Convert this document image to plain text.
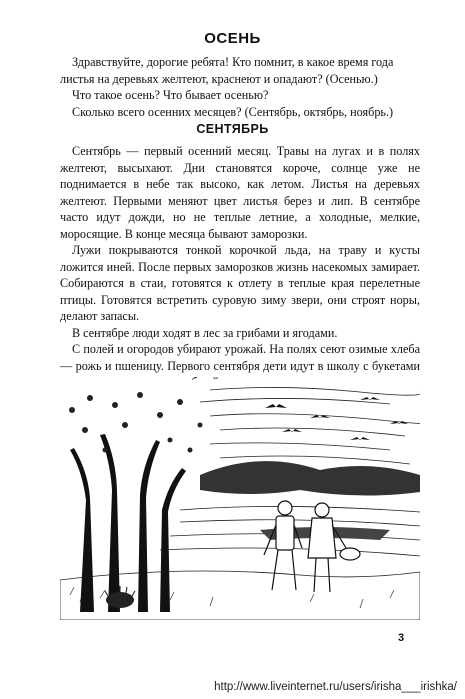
ОСЕНЬ

Здравствуйте, дорогие ребята! Кто помнит, в какое время года листья на деревьях желтеют, краснеют и опадают? (Осенью.)

Что такое осень? Что бывает осенью?

Сколько всего осенних месяцев? (Сентябрь, октябрь, ноябрь.)

СЕНТЯБРЬ

Сентябрь — первый осенний месяц. Травы на лугах и в полях желтеют, высыхают. Дни становятся короче, солнце уже не поднимается в небе так высоко, как летом. Листья на деревьях желтеют. Первыми меняют цвет листья берез и лип. В сентябре часто идут дожди, но не теплые летние, а холодные, мелкие, моросящие. В конце месяца бывают заморозки.

Лужи покрываются тонкой корочкой льда, на траву и кусты ложится иней. После первых заморозков жизнь насекомых замирает. Собираются в стаи, готовятся к отлету в теплые края перелетные птицы. Готовятся встретить суровую зиму звери, они строят норы, делают запасы.

В сентябре люди ходят в лес за грибами и ягодами.

С полей и огородов убирают урожай. На полях сеют озимые хлеба — рожь и пшеницу. Первого сентября дети идут в школу с букетами

3
http://www.liveinternet.ru/users/irisha___irishka/
